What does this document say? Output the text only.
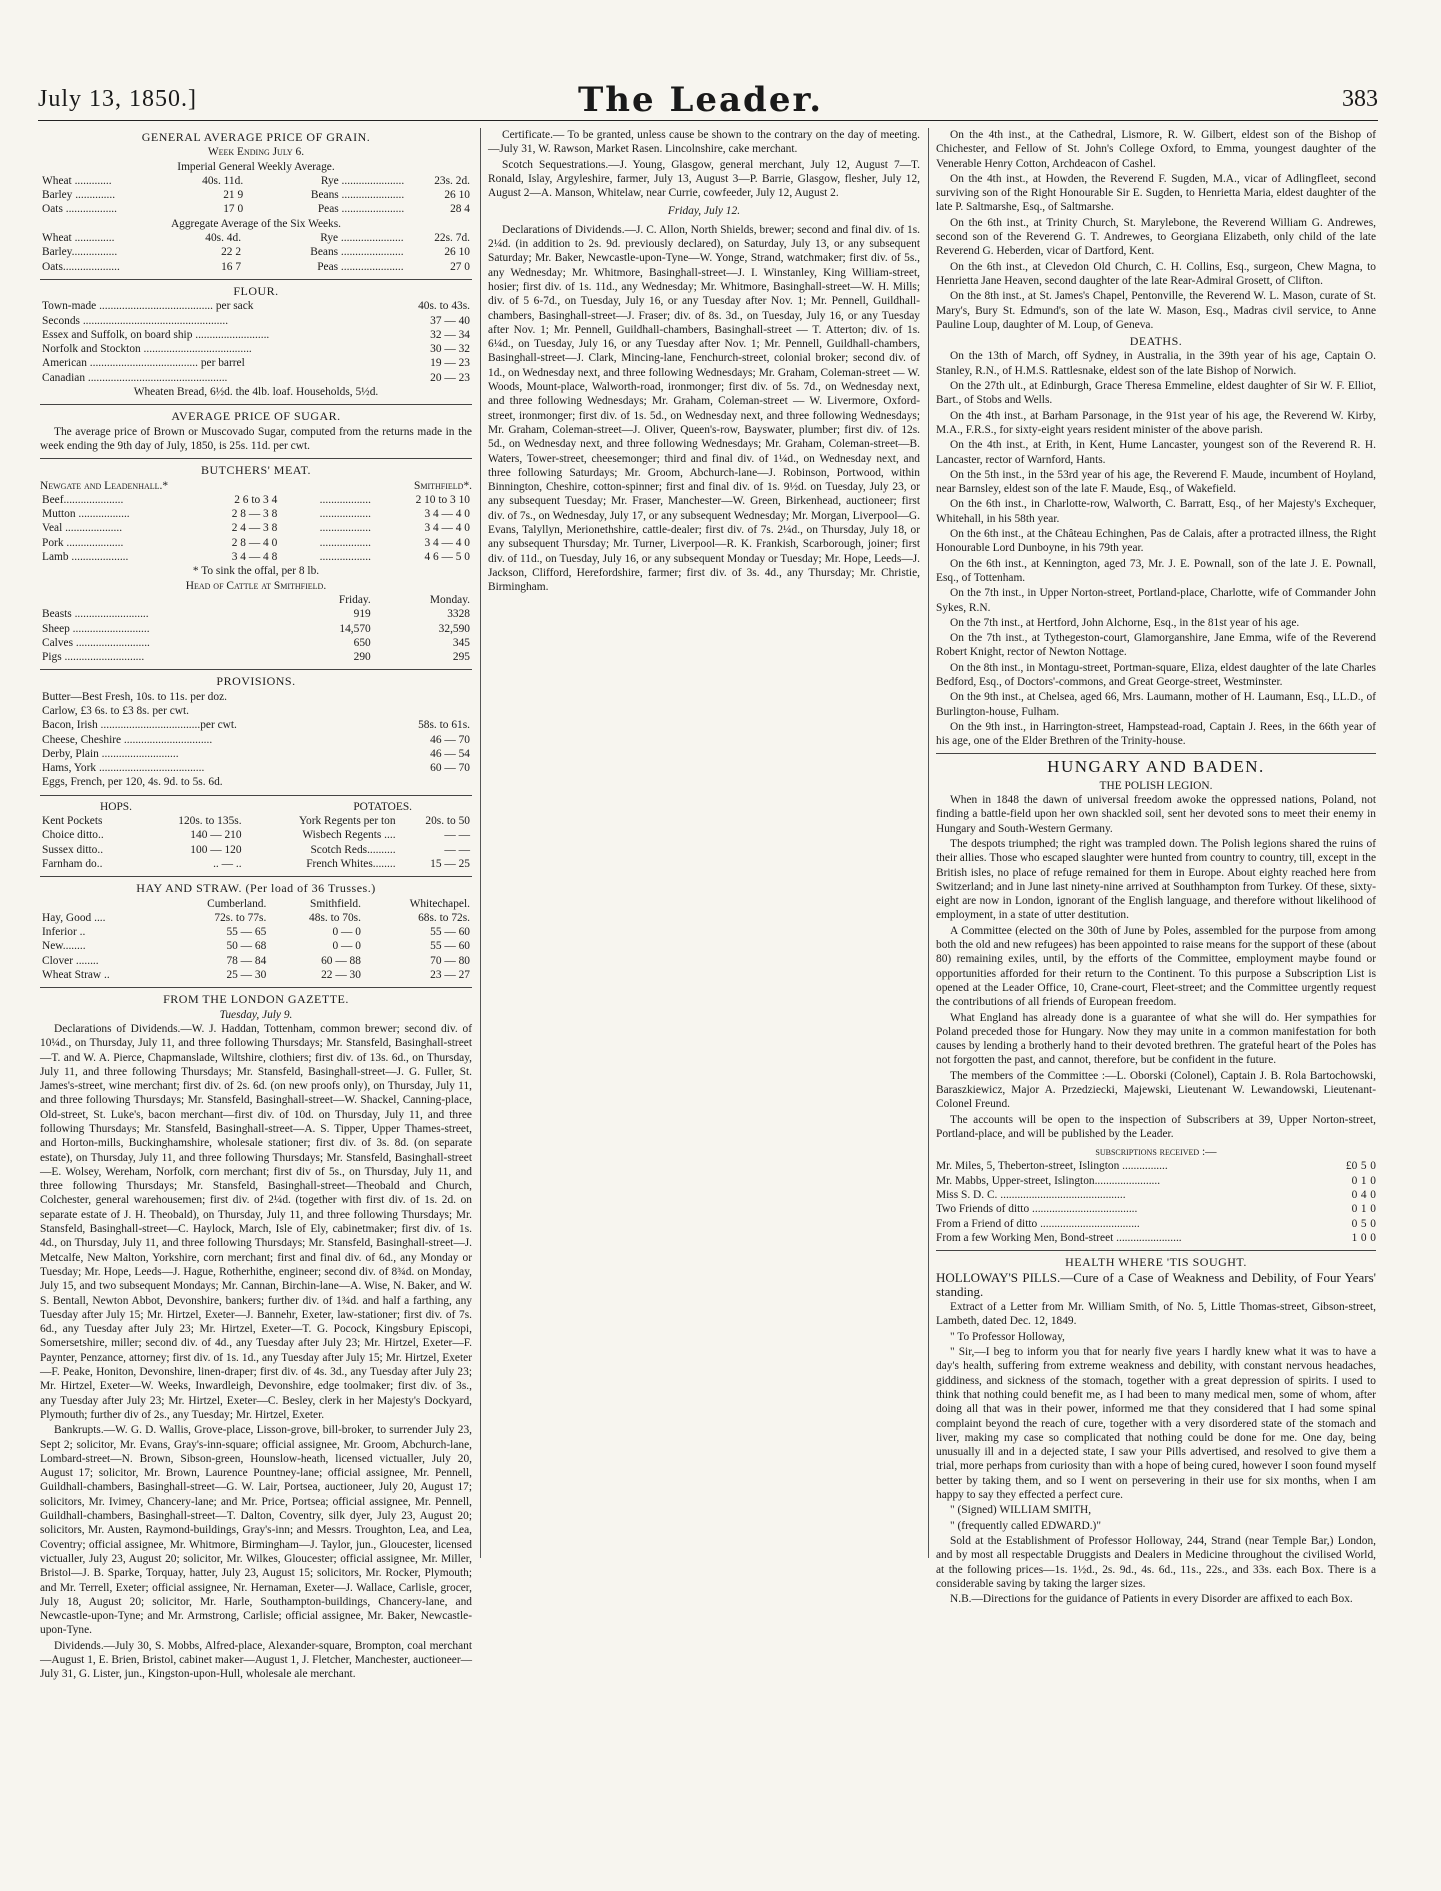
July 13, 1850.]	The Leader.	383
GENERAL AVERAGE PRICE OF GRAIN.
Week Ending July 6.
Imperial General Weekly Average.
Wheat .............	40s. 11d.	Rye ......................	23s. 2d.
Barley ..............	21 9	Beans ......................	26 10
Oats ..................	17 0	Peas ......................	28 4
Aggregate Average of the Six Weeks.
Wheat ..............	40s. 4d.	Rye ......................	22s. 7d.
Barley................	22 2	Beans ......................	26 10
Oats....................	16 7	Peas ......................	27 0
FLOUR.
Town-made ........................................ per sack	40s. to 43s.
Seconds ...................................................	37 — 40
Essex and Suffolk, on board ship ..........................	32 — 34
Norfolk and Stockton ......................................	30 — 32
American ...................................... per barrel	19 — 23
Canadian .................................................	20 — 23
Wheaten Bread, 6½d. the 4lb. loaf. Households, 5½d.
AVERAGE PRICE OF SUGAR.
The average price of Brown or Muscovado Sugar, computed from the returns made in the week ending the 9th day of July, 1850, is 25s. 11d. per cwt.
BUTCHERS' MEAT.
Newgate and Leadenhall.*	Smithfield*.
Beef.....................	2 6 to 3 4	..................	2 10 to 3 10
Mutton ..................	2 8 — 3 8	..................	3 4 — 4 0
Veal ....................	2 4 — 3 8	..................	3 4 — 4 0
Pork ....................	2 8 — 4 0	..................	3 4 — 4 0
Lamb ....................	3 4 — 4 8	..................	4 6 — 5 0
* To sink the offal, per 8 lb.
Head of Cattle at Smithfield.
	Friday.	Monday.
Beasts ..........................	919	3328
Sheep ...........................	14,570	32,590
Calves ..........................	650	345
Pigs ............................	290	295
PROVISIONS.
Butter—Best Fresh, 10s. to 11s. per doz.	
Carlow, £3 6s. to £3 8s. per cwt.	
Bacon, Irish ...................................per cwt.	58s. to 61s.
Cheese, Cheshire ...............................	46 — 70
Derby, Plain ...........................	46 — 54
Hams, York .....................................	60 — 70
Eggs, French, per 120, 4s. 9d. to 5s. 6d.	
HOPS.	POTATOES.
Kent Pockets	120s. to 135s.	York Regents per ton	20s. to 50
Choice ditto..	140 — 210	Wisbech Regents ....	— —
Sussex ditto..	100 — 120	Scotch Reds..........	— —
Farnham do..	.. — ..	French Whites........	15 — 25
HAY AND STRAW. (Per load of 36 Trusses.)
	Cumberland.	Smithfield.	Whitechapel.
Hay, Good ....	72s. to 77s.	48s. to 70s.	68s. to 72s.
Inferior ..	55 — 65	0 — 0	55 — 60
New........	50 — 68	0 — 0	55 — 60
Clover ........	78 — 84	60 — 88	70 — 80
Wheat Straw ..	25 — 30	22 — 30	23 — 27
FROM THE LONDON GAZETTE.
Tuesday, July 9.
Declarations of Dividends.—W. J. Haddan, Tottenham, common brewer; second div. of 10¼d., on Thursday, July 11, and three following Thursdays; Mr. Stansfeld, Basinghall-street—T. and W. A. Pierce, Chapmanslade, Wiltshire, clothiers; first div. of 13s. 6d., on Thursday, July 11, and three following Thursdays; Mr. Stansfeld, Basinghall-street—J. G. Fuller, St. James's-street, wine merchant; first div. of 2s. 6d. (on new proofs only), on Thursday, July 11, and three following Thursdays; Mr. Stansfeld, Basinghall-street—W. Shackel, Canning-place, Old-street, St. Luke's, bacon merchant—first div. of 10d. on Thursday, July 11, and three following Thursdays; Mr. Stansfeld, Basinghall-street—A. S. Tipper, Upper Thames-street, and Horton-mills, Buckinghamshire, wholesale stationer; first div. of 3s. 8d. (on separate estate), on Thursday, July 11, and three following Thursdays; Mr. Stansfeld, Basinghall-street—E. Wolsey, Wereham, Norfolk, corn merchant; first div of 5s., on Thursday, July 11, and three following Thursdays; Mr. Stansfeld, Basinghall-street—Theobald and Church, Colchester, general warehousemen; first div. of 2¼d. (together with first div. of 1s. 2d. on separate estate of J. H. Theobald), on Thursday, July 11, and three following Thursdays; Mr. Stansfeld, Basinghall-street—C. Haylock, March, Isle of Ely, cabinetmaker; first div. of 1s. 4d., on Thursday, July 11, and three following Thursdays; Mr. Stansfeld, Basinghall-street—J. Metcalfe, New Malton, Yorkshire, corn merchant; first and final div. of 6d., any Monday or Tuesday; Mr. Hope, Leeds—J. Hague, Rotherhithe, engineer; second div. of 8¾d. on Monday, July 15, and two subsequent Mondays; Mr. Cannan, Birchin-lane—A. Wise, N. Baker, and W. S. Bentall, Newton Abbot, Devonshire, bankers; further div. of 1¾d. and half a farthing, any Tuesday after July 15; Mr. Hirtzel, Exeter—J. Bannehr, Exeter, law-stationer; first div. of 7s. 6d., any Tuesday after July 23; Mr. Hirtzel, Exeter—T. G. Pocock, Kingsbury Episcopi, Somersetshire, miller; second div. of 4d., any Tuesday after July 23; Mr. Hirtzel, Exeter—F. Paynter, Penzance, attorney; first div. of 1s. 1d., any Tuesday after July 15; Mr. Hirtzel, Exeter—F. Peake, Honiton, Devonshire, linen-draper; first div. of 4s. 3d., any Tuesday after July 23; Mr. Hirtzel, Exeter—W. Weeks, Inwardleigh, Devonshire, edge toolmaker; first div. of 3s., any Tuesday after July 23; Mr. Hirtzel, Exeter—C. Besley, clerk in her Majesty's Dockyard, Plymouth; further div of 2s., any Tuesday; Mr. Hirtzel, Exeter.
Bankrupts.—W. G. D. Wallis, Grove-place, Lisson-grove, bill-broker, to surrender July 23, Sept 2; solicitor, Mr. Evans, Gray's-inn-square; official assignee, Mr. Groom, Abchurch-lane, Lombard-street—N. Brown, Sibson-green, Hounslow-heath, licensed victualler, July 20, August 17; solicitor, Mr. Brown, Laurence Pountney-lane; official assignee, Mr. Pennell, Guildhall-chambers, Basinghall-street—G. W. Lair, Portsea, auctioneer, July 20, August 17; solicitors, Mr. Ivimey, Chancery-lane; and Mr. Price, Portsea; official assignee, Mr. Pennell, Guildhall-chambers, Basinghall-street—T. Dalton, Coventry, silk dyer, July 23, August 20; solicitors, Mr. Austen, Raymond-buildings, Gray's-inn; and Messrs. Troughton, Lea, and Lea, Coventry; official assignee, Mr. Whitmore, Birmingham—J. Taylor, jun., Gloucester, licensed victualler, July 23, August 20; solicitor, Mr. Wilkes, Gloucester; official assignee, Mr. Miller, Bristol—J. B. Sparke, Torquay, hatter, July 23, August 15; solicitors, Mr. Rocker, Plymouth; and Mr. Terrell, Exeter; official assignee, Nr. Hernaman, Exeter—J. Wallace, Carlisle, grocer, July 18, August 20; solicitor, Mr. Harle, Southampton-buildings, Chancery-lane, and Newcastle-upon-Tyne; and Mr. Armstrong, Carlisle; official assignee, Mr. Baker, Newcastle-upon-Tyne.
Dividends.—July 30, S. Mobbs, Alfred-place, Alexander-square, Brompton, coal merchant—August 1, E. Brien, Bristol, cabinet maker—August 1, J. Fletcher, Manchester, auctioneer—July 31, G. Lister, jun., Kingston-upon-Hull, wholesale ale merchant.
Certificate.— To be granted, unless cause be shown to the contrary on the day of meeting.—July 31, W. Rawson, Market Rasen. Lincolnshire, cake merchant.
Scotch Sequestrations.—J. Young, Glasgow, general merchant, July 12, August 7—T. Ronald, Islay, Argyleshire, farmer, July 13, August 3—P. Barrie, Glasgow, flesher, July 12, August 2—A. Manson, Whitelaw, near Currie, cowfeeder, July 12, August 2.
Friday, July 12.
Declarations of Dividends.—J. C. Allon, North Shields, brewer; second and final div. of 1s. 2¼d. (in addition to 2s. 9d. previously declared), on Saturday, July 13, or any subsequent Saturday; Mr. Baker, Newcastle-upon-Tyne—W. Yonge, Strand, watchmaker; first div. of 5s., any Wednesday; Mr. Whitmore, Basinghall-street—J. I. Winstanley, King William-street, hosier; first div. of 1s. 11d., any Wednesday; Mr. Whitmore, Basinghall-street—W. H. Mills; div. of 5 6-7d., on Tuesday, July 16, or any Tuesday after Nov. 1; Mr. Pennell, Guildhall-chambers, Basinghall-street—J. Fraser; div. of 8s. 3d., on Tuesday, July 16, or any Tuesday after Nov. 1; Mr. Pennell, Guildhall-chambers, Basinghall-street — T. Atterton; div. of 1s. 6¼d., on Tuesday, July 16, or any Tuesday after Nov. 1; Mr. Pennell, Guildhall-chambers, Basinghall-street—J. Clark, Mincing-lane, Fenchurch-street, colonial broker; second div. of 1d., on Wednesday next, and three following Wednesdays; Mr. Graham, Coleman-street — W. Woods, Mount-place, Walworth-road, ironmonger; first div. of 5s. 7d., on Wednesday next, and three following Wednesdays; Mr. Graham, Coleman-street — W. Livermore, Oxford-street, ironmonger; first div. of 1s. 5d., on Wednesday next, and three following Wednesdays; Mr. Graham, Coleman-street—J. Oliver, Queen's-row, Bayswater, plumber; first div. of 12s. 5d., on Wednesday next, and three following Wednesdays; Mr. Graham, Coleman-street—B. Waters, Tower-street, cheesemonger; third and final div. of 1¼d., on Wednesday next, and three following Saturdays; Mr. Groom, Abchurch-lane—J. Robinson, Portwood, within Binnington, Cheshire, cotton-spinner; first and final div. of 1s. 9½d. on Tuesday, July 23, or any subsequent Tuesday; Mr. Fraser, Manchester—W. Green, Birkenhead, auctioneer; first div. of 7s., on Wednesday, July 17, or any subsequent Wednesday; Mr. Morgan, Liverpool—G. Evans, Talyllyn, Merionethshire, cattle-dealer; first div. of 7s. 2¼d., on Thursday, July 18, or any subsequent Thursday; Mr. Turner, Liverpool—R. K. Frankish, Scarborough, joiner; first div. of 11d., on Tuesday, July 16, or any subsequent Monday or Tuesday; Mr. Hope, Leeds—J. Jackson, Clifford, Herefordshire, farmer; first div. of 3s. 4d., any Thursday; Mr. Christie, Birmingham.
On the 4th inst., at the Cathedral, Lismore, R. W. Gilbert, eldest son of the Bishop of Chichester, and Fellow of St. John's College Oxford, to Emma, youngest daughter of the Venerable Henry Cotton, Archdeacon of Cashel.
On the 4th inst., at Howden, the Reverend F. Sugden, M.A., vicar of Adlingfleet, second surviving son of the Right Honourable Sir E. Sugden, to Henrietta Maria, eldest daughter of the late P. Saltmarshe, Esq., of Saltmarshe.
On the 6th inst., at Trinity Church, St. Marylebone, the Reverend William G. Andrewes, second son of the Reverend G. T. Andrewes, to Georgiana Elizabeth, only child of the late Reverend G. Heberden, vicar of Dartford, Kent.
On the 6th inst., at Clevedon Old Church, C. H. Collins, Esq., surgeon, Chew Magna, to Henrietta Jane Heaven, second daughter of the late Rear-Admiral Grosett, of Clifton.
On the 8th inst., at St. James's Chapel, Pentonville, the Reverend W. L. Mason, curate of St. Mary's, Bury St. Edmund's, son of the late W. Mason, Esq., Madras civil service, to Anne Pauline Loup, daughter of M. Loup, of Geneva.
DEATHS.
On the 13th of March, off Sydney, in Australia, in the 39th year of his age, Captain O. Stanley, R.N., of H.M.S. Rattlesnake, eldest son of the late Bishop of Norwich.
On the 27th ult., at Edinburgh, Grace Theresa Emmeline, eldest daughter of Sir W. F. Elliot, Bart., of Stobs and Wells.
On the 4th inst., at Barham Parsonage, in the 91st year of his age, the Reverend W. Kirby, M.A., F.R.S., for sixty-eight years resident minister of the above parish.
On the 4th inst., at Erith, in Kent, Hume Lancaster, youngest son of the Reverend R. H. Lancaster, rector of Warnford, Hants.
On the 5th inst., in the 53rd year of his age, the Reverend F. Maude, incumbent of Hoyland, near Barnsley, eldest son of the late F. Maude, Esq., of Wakefield.
On the 6th inst., in Charlotte-row, Walworth, C. Barratt, Esq., of her Majesty's Exchequer, Whitehall, in his 58th year.
On the 6th inst., at the Château Echinghen, Pas de Calais, after a protracted illness, the Right Honourable Lord Dunboyne, in his 79th year.
On the 6th inst., at Kennington, aged 73, Mr. J. E. Pownall, son of the late J. E. Pownall, Esq., of Tottenham.
On the 7th inst., in Upper Norton-street, Portland-place, Charlotte, wife of Commander John Sykes, R.N.
On the 7th inst., at Hertford, John Alchorne, Esq., in the 81st year of his age.
On the 7th inst., at Tythegeston-court, Glamorganshire, Jane Emma, wife of the Reverend Robert Knight, rector of Newton Nottage.
On the 8th inst., in Montagu-street, Portman-square, Eliza, eldest daughter of the late Charles Bedford, Esq., of Doctors'-commons, and Great George-street, Westminster.
On the 9th inst., at Chelsea, aged 66, Mrs. Laumann, mother of H. Laumann, Esq., LL.D., of Burlington-house, Fulham.
On the 9th inst., in Harrington-street, Hampstead-road, Captain J. Rees, in the 66th year of his age, one of the Elder Brethren of the Trinity-house.
HUNGARY AND BADEN.
THE POLISH LEGION.
When in 1848 the dawn of universal freedom awoke the oppressed nations, Poland, not finding a battle-field upon her own shackled soil, sent her devoted sons to meet their enemy in Hungary and South-Western Germany.
The despots triumphed; the right was trampled down. The Polish legions shared the ruins of their allies. Those who escaped slaughter were hunted from country to country, till, except in the British isles, no place of refuge remained for them in Europe. About eighty reached here from Switzerland; and in June last ninety-nine arrived at Southhampton from Turkey. Of these, sixty-eight are now in London, ignorant of the English language, and therefore without likelihood of employment, in a state of utter destitution.
A Committee (elected on the 30th of June by Poles, assembled for the purpose from among both the old and new refugees) has been appointed to raise means for the support of these (about 80) remaining exiles, until, by the efforts of the Committee, employment maybe found or opportunities afforded for their return to the Continent. To this purpose a Subscription List is opened at the Leader Office, 10, Crane-court, Fleet-street; and the Committee urgently request the contributions of all friends of European freedom.
What England has already done is a guarantee of what she will do. Her sympathies for Poland preceded those for Hungary. Now they may unite in a common manifestation for both causes by lending a brotherly hand to their devoted brethren. The grateful heart of the Poles has not forgotten the past, and cannot, therefore, but be confident in the future.
The members of the Committee :—L. Oborski (Colonel), Captain J. B. Rola Bartochowski, Baraszkiewicz, Major A. Przedziecki, Majewski, Lieutenant W. Lewandowski, Lieutenant-Colonel Freund.
The accounts will be open to the inspection of Subscribers at 39, Upper Norton-street, Portland-place, and will be published by the Leader.
subscriptions received :—
Mr. Miles, 5, Theberton-street, Islington ................	£0	5	0
Mr. Mabbs, Upper-street, Islington.......................	0	1	0
Miss S. D. C. ............................................	0	4	0
Two Friends of ditto .....................................	0	1	0
From a Friend of ditto ...................................	0	5	0
From a few Working Men, Bond-street .......................	1	0	0
HEALTH WHERE 'TIS SOUGHT.
HOLLOWAY'S PILLS.—Cure of a Case of Weakness and Debility, of Four Years' standing.
Extract of a Letter from Mr. William Smith, of No. 5, Little Thomas-street, Gibson-street, Lambeth, dated Dec. 12, 1849.
" To Professor Holloway,
" Sir,—I beg to inform you that for nearly five years I hardly knew what it was to have a day's health, suffering from extreme weakness and debility, with constant nervous headaches, giddiness, and sickness of the stomach, together with a great depression of spirits. I used to think that nothing could benefit me, as I had been to many medical men, some of whom, after doing all that was in their power, informed me that they considered that I had some spinal complaint beyond the reach of cure, together with a very disordered state of the stomach and liver, making my case so complicated that nothing could be done for me. One day, being unusually ill and in a dejected state, I saw your Pills advertised, and resolved to give them a trial, more perhaps from curiosity than with a hope of being cured, however I soon found myself better by taking them, and so I went on persevering in their use for six months, when I am happy to say they effected a perfect cure.
" (Signed) WILLIAM SMITH,
" (frequently called EDWARD.)"
Sold at the Establishment of Professor Holloway, 244, Strand (near Temple Bar,) London, and by most all respectable Druggists and Dealers in Medicine throughout the civilised World, at the following prices—1s. 1½d., 2s. 9d., 4s. 6d., 11s., 22s., and 33s. each Box. There is a considerable saving by taking the larger sizes.
N.B.—Directions for the guidance of Patients in every Disorder are affixed to each Box.
